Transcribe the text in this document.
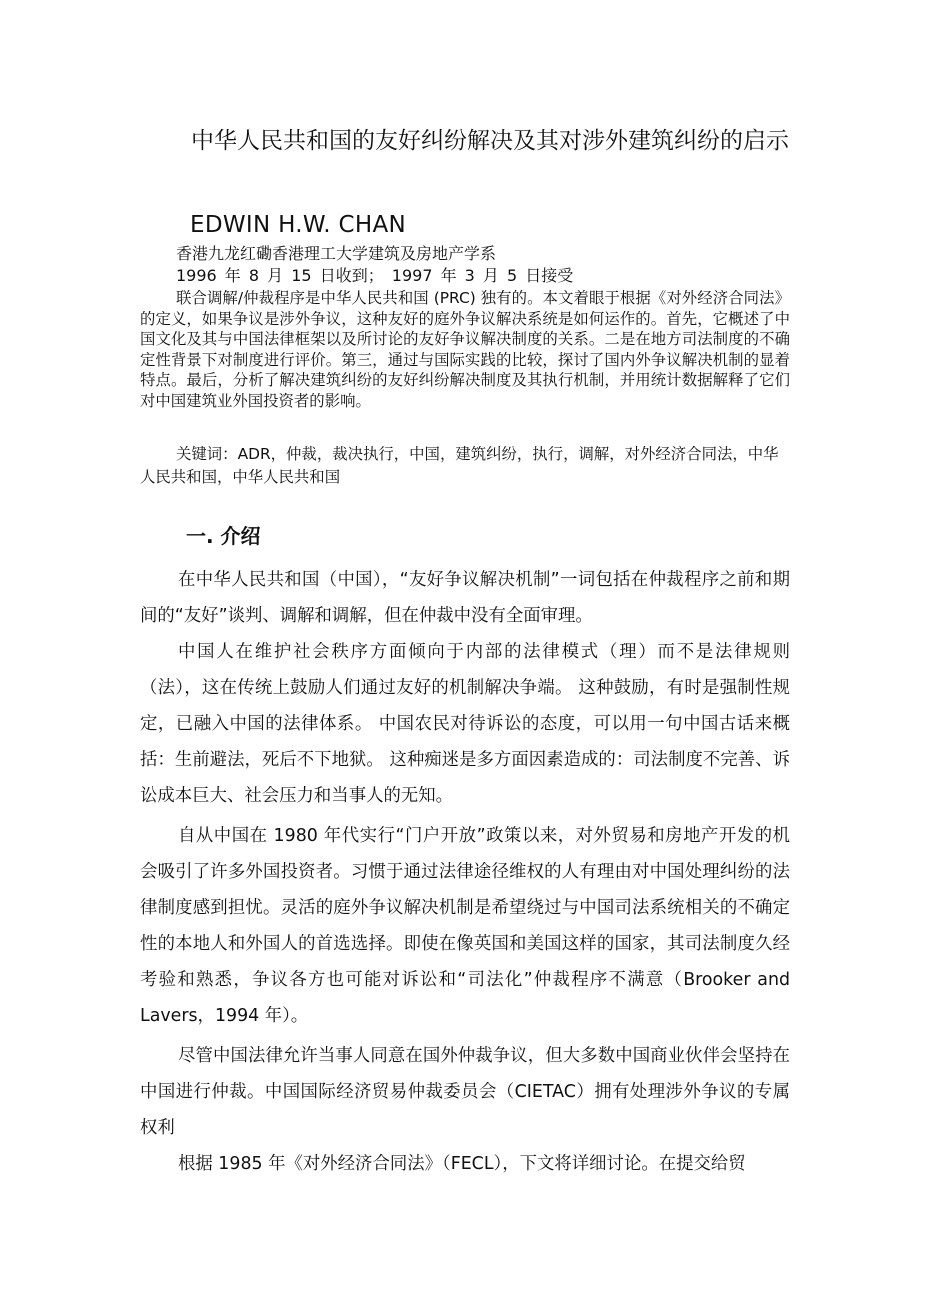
中华人民共和国的友好纠纷解决及其对涉外建筑纠纷的启示
EDWIN H.W. CHAN
香港九龙红磡香港理工大学建筑及房地产学系
1996 年 8 月 15 日收到； 1997 年 3 月 5 日接受

联合调解/仲裁程序是中华人民共和国 (PRC) 独有的。本文着眼于根据《对外经济合同法》的定义，如果争议是涉外争议，这种友好的庭外争议解决系统是如何运作的。首先，它概述了中国文化及其与中国法律框架以及所讨论的友好争议解决制度的关系。二是在地方司法制度的不确定性背景下对制度进行评价。第三，通过与国际实践的比较，探讨了国内外争议解决机制的显着特点。最后，分析了解决建筑纠纷的友好纠纷解决制度及其执行机制，并用统计数据解释了它们对中国建筑业外国投资者的影响。

关键词：ADR，仲裁，裁决执行，中国，建筑纠纷，执行，调解，对外经济合同法，中华人民共和国，中华人民共和国

一. 介绍

在中华人民共和国（中国），“友好争议解决机制”一词包括在仲裁程序之前和期间的“友好”谈判、调解和调解，但在仲裁中没有全面审理。

中国人在维护社会秩序方面倾向于内部的法律模式（理）而不是法律规则（法），这在传统上鼓励人们通过友好的机制解决争端。 这种鼓励，有时是强制性规定，已融入中国的法律体系。 中国农民对待诉讼的态度，可以用一句中国古话来概括：生前避法，死后不下地狱。 这种痴迷是多方面因素造成的：司法制度不完善、诉讼成本巨大、社会压力和当事人的无知。

自从中国在 1980 年代实行“门户开放”政策以来，对外贸易和房地产开发的机会吸引了许多外国投资者。习惯于通过法律途径维权的人有理由对中国处理纠纷的法律制度感到担忧。灵活的庭外争议解决机制是希望绕过与中国司法系统相关的不确定性的本地人和外国人的首选选择。即使在像英国和美国这样的国家，其司法制度久经考验和熟悉，争议各方也可能对诉讼和“司法化”仲裁程序不满意（Brooker and Lavers，1994 年）。

尽管中国法律允许当事人同意在国外仲裁争议，但大多数中国商业伙伴会坚持在中国进行仲裁。中国国际经济贸易仲裁委员会（CIETAC）拥有处理涉外争议的专属权利

根据 1985 年《对外经济合同法》（FECL），下文将详细讨论。在提交给贸
